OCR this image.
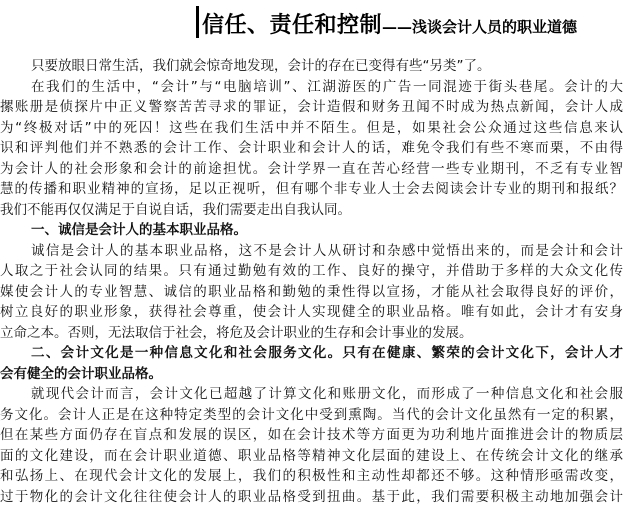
信任、责任和控制——浅谈会计人员的职业道德
只要放眼日常生活，我们就会惊奇地发现，会计的存在已变得有些“另类”了。
在我们的生活中，“会计”与“电脑培训”、江湖游医的广告一同混迹于街头巷尾。会计的大
摞账册是侦探片中正义警察苦苦寻求的罪证，会计造假和财务丑闻不时成为热点新闻，会计人成
为“终极对话”中的死囚！这些在我们生活中并不陌生。但是，如果社会公众通过这些信息来认
识和评判他们并不熟悉的会计工作、会计职业和会计人的话，难免令我们有些不寒而栗，不由得
为会计人的社会形象和会计的前途担忧。会计学界一直在苦心经营一些专业期刊，不乏有专业智
慧的传播和职业精神的宣扬，足以正视听，但有哪个非专业人士会去阅读会计专业的期刊和报纸？
我们不能再仅仅满足于自说自话，我们需要走出自我认同。
一、诚信是会计人的基本职业品格。
诚信是会计人的基本职业品格，这不是会计人从研讨和杂感中觉悟出来的，而是会计和会计
人取之于社会认同的结果。只有通过勤勉有效的工作、良好的操守，并借助于多样的大众文化传
媒使会计人的专业智慧、诚信的职业品格和勤勉的秉性得以宣扬，才能从社会取得良好的评价，
树立良好的职业形象，获得社会尊重，使会计人实现健全的职业品格。唯有如此，会计才有安身
立命之本。否则，无法取信于社会，将危及会计职业的生存和会计事业的发展。
二、会计文化是一种信息文化和社会服务文化。只有在健康、繁荣的会计文化下，会计人才
会有健全的会计职业品格。
就现代会计而言，会计文化已超越了计算文化和账册文化，而形成了一种信息文化和社会服
务文化。会计人正是在这种特定类型的会计文化中受到熏陶。当代的会计文化虽然有一定的积累，
但在某些方面仍存在盲点和发展的误区，如在会计技术等方面更为功利地片面推进会计的物质层
面的文化建设，而在会计职业道德、职业品格等精神文化层面的建设上、在传统会计文化的继承
和弘扬上、在现代会计文化的发展上，我们的积极性和主动性却都还不够。这种情形亟需改变，
过于物化的会计文化往往使会计人的职业品格受到扭曲。基于此，我们需要积极主动地加强会计
